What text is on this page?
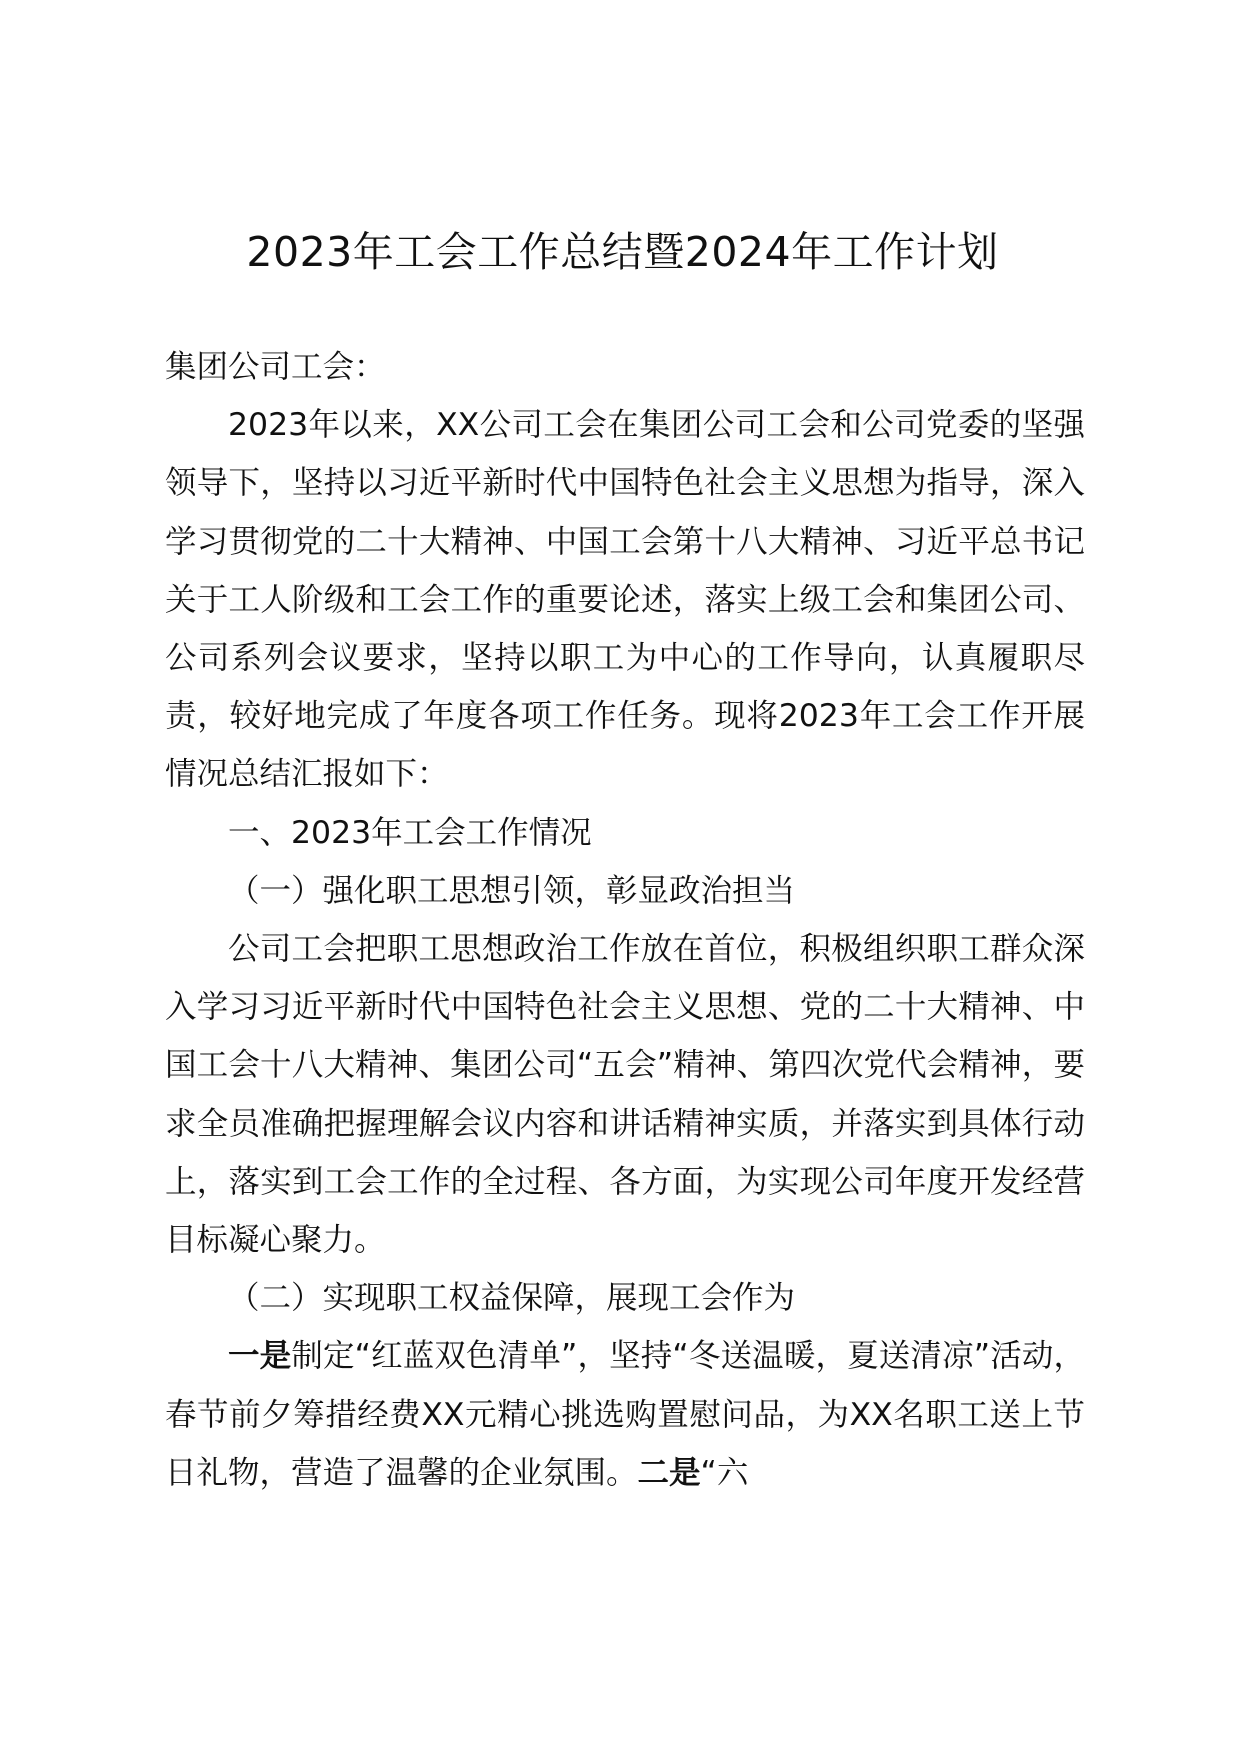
2023年工会工作总结暨2024年工作计划

集团公司工会：

2023年以来，XX公司工会在集团公司工会和公司党委的坚强领导下，坚持以习近平新时代中国特色社会主义思想为指导，深入学习贯彻党的二十大精神、中国工会第十八大精神、习近平总书记关于工人阶级和工会工作的重要论述，落实上级工会和集团公司、公司系列会议要求，坚持以职工为中心的工作导向，认真履职尽责，较好地完成了年度各项工作任务。现将2023年工会工作开展情况总结汇报如下：

一、2023年工会工作情况

（一）强化职工思想引领，彰显政治担当

公司工会把职工思想政治工作放在首位，积极组织职工群众深入学习习近平新时代中国特色社会主义思想、党的二十大精神、中国工会十八大精神、集团公司“五会”精神、第四次党代会精神，要求全员准确把握理解会议内容和讲话精神实质，并落实到具体行动上，落实到工会工作的全过程、各方面，为实现公司年度开发经营目标凝心聚力。

（二）实现职工权益保障，展现工会作为

一是制定“红蓝双色清单”，坚持“冬送温暖，夏送清凉”活动，春节前夕筹措经费XX元精心挑选购置慰问品，为XX名职工送上节日礼物，营造了温馨的企业氛围。二是“六
